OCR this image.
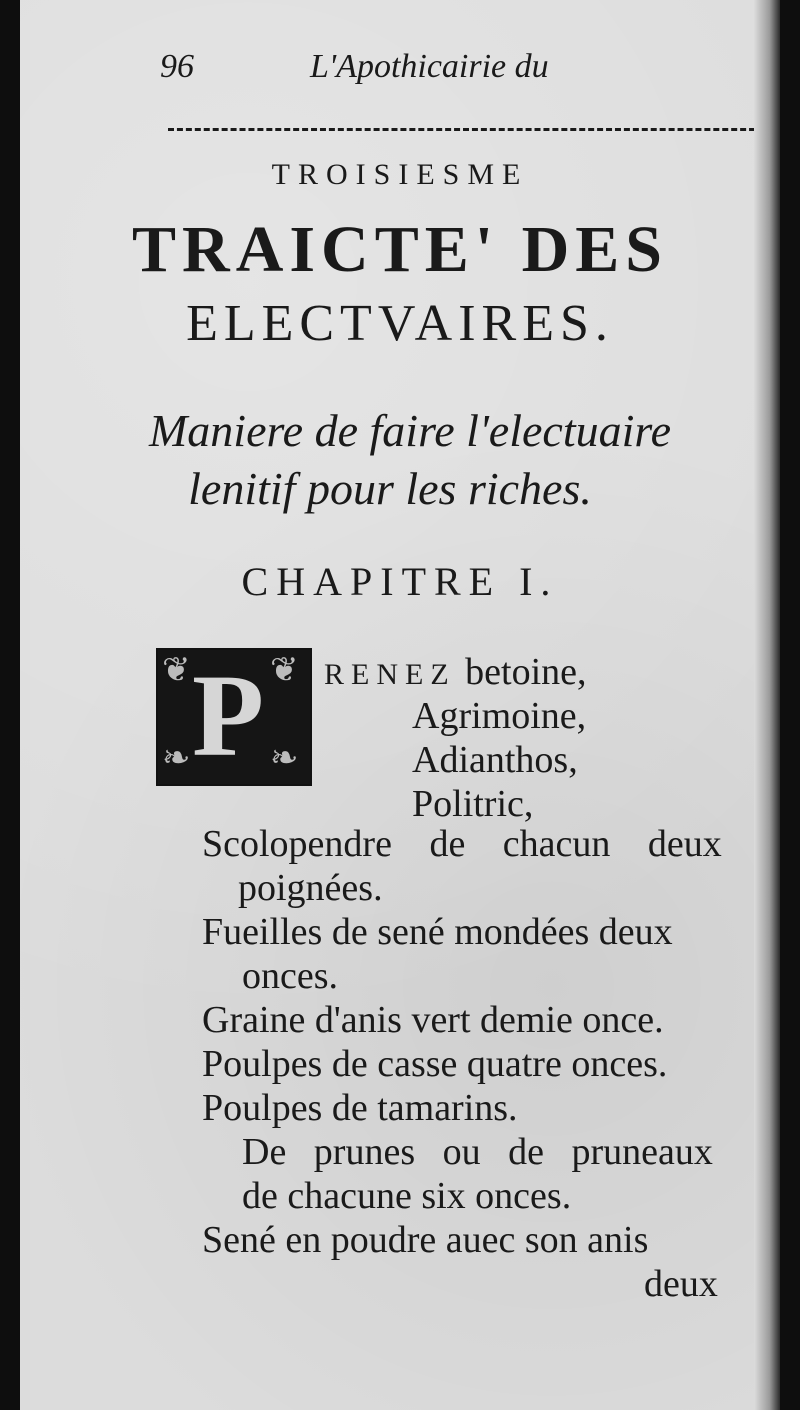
96	L'Apothicairie du
TROISIESME
TRAICTE' DES
ELECTVAIRES.
Maniere de faire l'electuaire
lenitif pour les riches.
CHAPITRE I.
❦ ❦
❧ ❧
P RENEZ betoine,
Agrimoine,
Adianthos,
Politric,
Scolopendre de chacun deux
poignées.
Fueilles de sené mondées deux
onces.
Graine d'anis vert demie once.
Poulpes de casse quatre onces.
Poulpes de tamarins.
De prunes ou de pruneaux
de chacune six onces.
Sené en poudre auec son anis
deux
